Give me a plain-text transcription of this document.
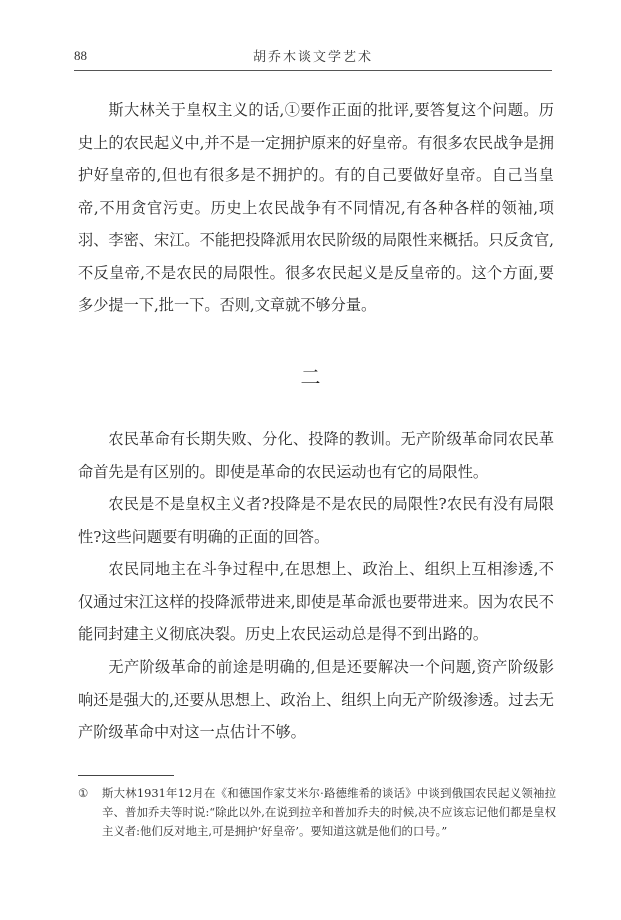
88	胡乔木谈文学艺术

斯大林关于皇权主义的话,①要作正面的批评,要答复这个问题。历史上的农民起义中,并不是一定拥护原来的好皇帝。有很多农民战争是拥护好皇帝的,但也有很多是不拥护的。有的自己要做好皇帝。自己当皇帝,不用贪官污吏。历史上农民战争有不同情况,有各种各样的领袖,项羽、李密、宋江。不能把投降派用农民阶级的局限性来概括。只反贪官,不反皇帝,不是农民的局限性。很多农民起义是反皇帝的。这个方面,要多少提一下,批一下。否则,文章就不够分量。

二

农民革命有长期失败、分化、投降的教训。无产阶级革命同农民革命首先是有区别的。即使是革命的农民运动也有它的局限性。

农民是不是皇权主义者?投降是不是农民的局限性?农民有没有局限性?这些问题要有明确的正面的回答。

农民同地主在斗争过程中,在思想上、政治上、组织上互相渗透,不仅通过宋江这样的投降派带进来,即使是革命派也要带进来。因为农民不能同封建主义彻底决裂。历史上农民运动总是得不到出路的。

无产阶级革命的前途是明确的,但是还要解决一个问题,资产阶级影响还是强大的,还要从思想上、政治上、组织上向无产阶级渗透。过去无产阶级革命中对这一点估计不够。

① 斯大林1931年12月在《和德国作家艾米尔·路德维希的谈话》中谈到俄国农民起义领袖拉辛、普加乔夫等时说:“除此以外,在说到拉辛和普加乔夫的时候,决不应该忘记他们都是皇权主义者:他们反对地主,可是拥护‘好皇帝’。要知道这就是他们的口号。”
